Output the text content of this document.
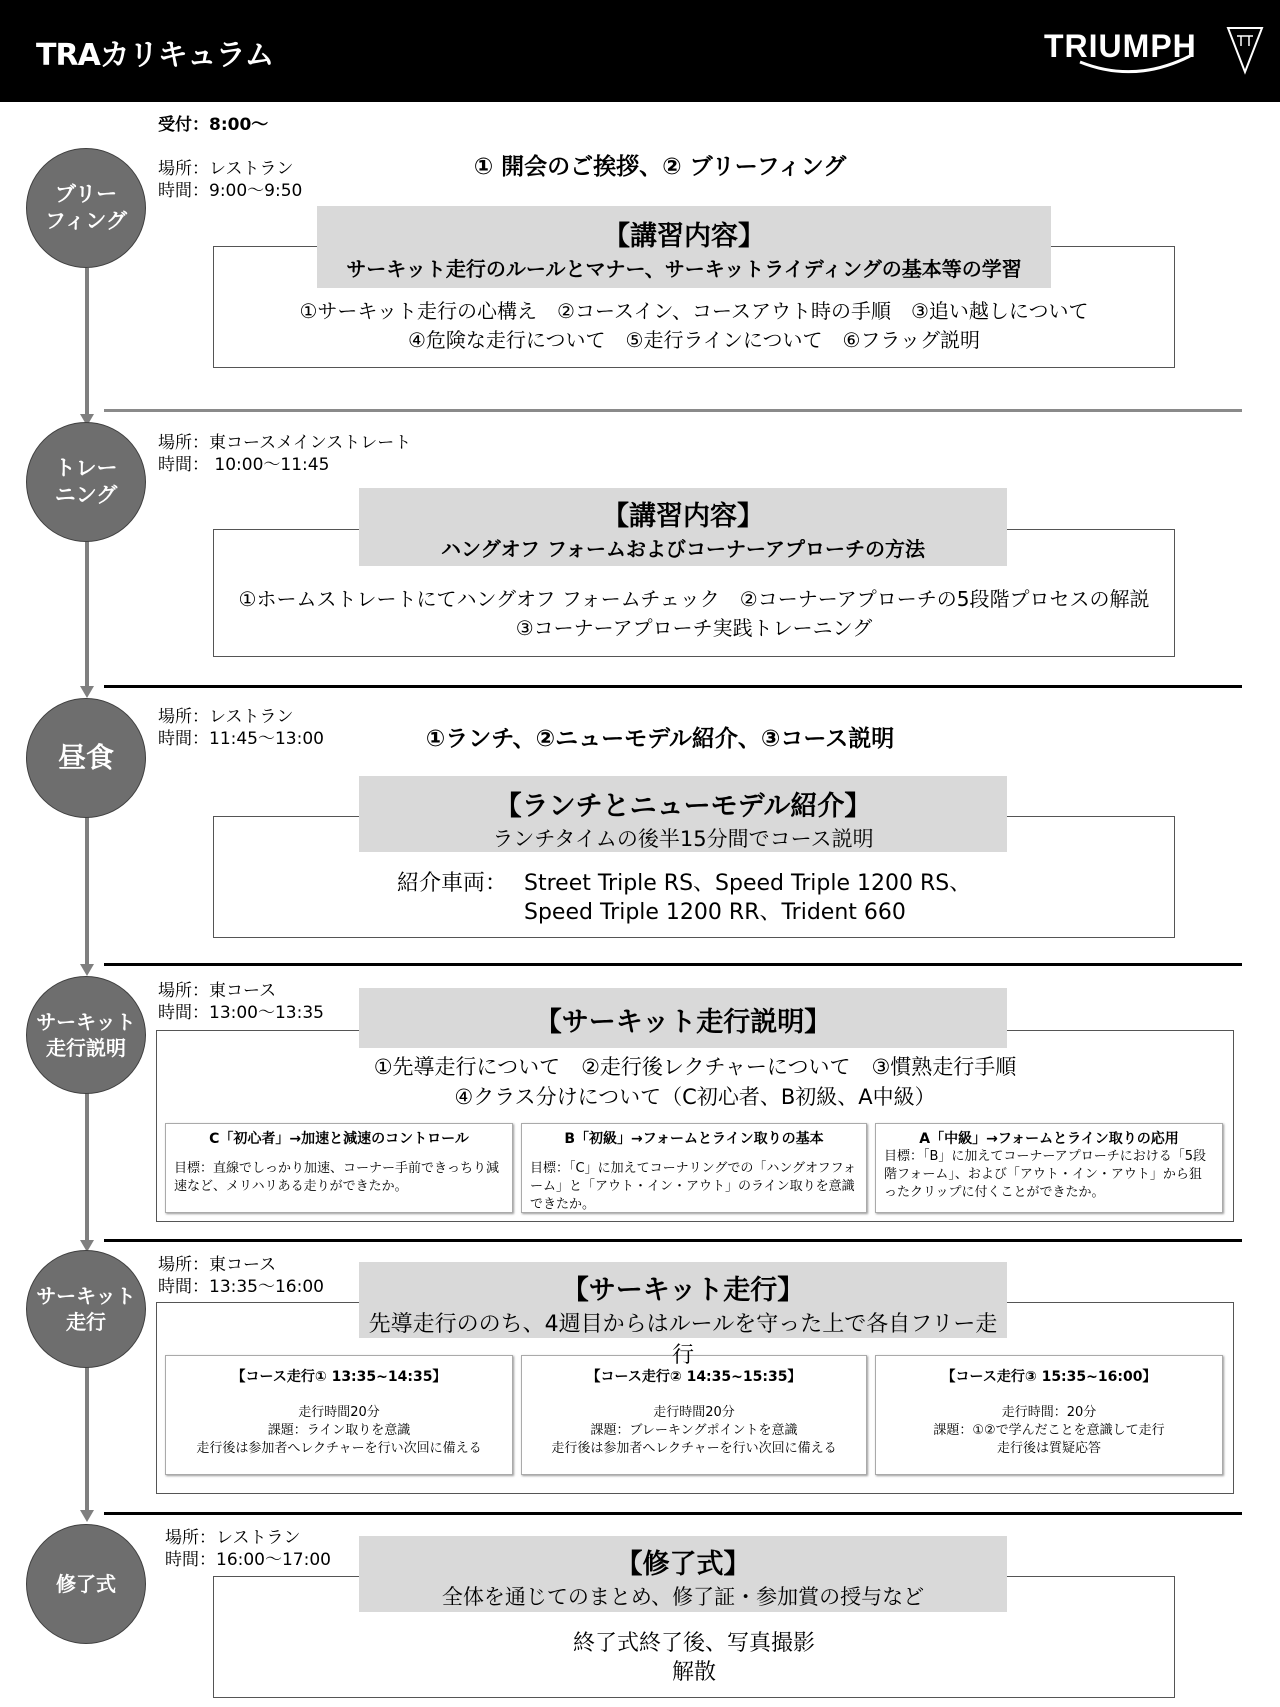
TRAカリキュラム	TRIUMPH
受付：8:00～
ブリー
フィング
場所：レストラン
時間：9:00～9:50
① 開会のご挨拶、② ブリーフィング
①サーキット走行の心構え　②コースイン、コースアウト時の手順　③追い越しについて
④危険な走行について　⑤走行ラインについて　⑥フラッグ説明
【講習内容】
サーキット走行のルールとマナー、サーキットライディングの基本等の学習
トレー
ニング
場所：東コースメインストレート
時間： 10:00～11:45
①ホームストレートにてハングオフ フォームチェック　②コーナーアプローチの5段階プロセスの解説
③コーナーアプローチ実践トレーニング
【講習内容】
ハングオフ フォームおよびコーナーアプローチの方法
昼食
場所：レストラン
時間：11:45～13:00	①ランチ、②ニューモデル紹介、③コース説明
紹介車両： Street Triple RS、Speed Triple 1200 RS、
Speed Triple 1200 RR、Trident 660
【ランチとニューモデル紹介】
ランチタイムの後半15分間でコース説明
サーキット
走行説明
場所：東コース
時間：13:00～13:35
①先導走行について　②走行後レクチャーについて　③慣熟走行手順
④クラス分けについて（C初心者、B初級、A中級）
C「初心者」→加速と減速のコントロール
目標：直線でしっかり加速、コーナー手前できっちり減速など、メリハリある走りができたか。
B「初級」→フォームとライン取りの基本
目標：「C」に加えてコーナリングでの「ハングオフフォーム」と「アウト・イン・アウト」のライン取りを意識できたか。
A「中級」→フォームとライン取りの応用
目標：「B」に加えてコーナーアプローチにおける「5段階フォーム」、および「アウト・イン・アウト」から狙ったクリップに付くことができたか。
【サーキット走行説明】
サーキット
走行
場所：東コース
時間：13:35～16:00
【コース走行① 13:35~14:35】
走行時間20分
課題：ライン取りを意識
走行後は参加者へレクチャーを行い次回に備える
【コース走行② 14:35~15:35】
走行時間20分
課題：ブレーキングポイントを意識
走行後は参加者へレクチャーを行い次回に備える
【コース走行③ 15:35~16:00】
走行時間：20分
課題：①②で学んだことを意識して走行
走行後は質疑応答
【サーキット走行】
先導走行ののち、4週目からはルールを守った上で各自フリー走行
修了式
場所：レストラン
時間：16:00～17:00
終了式終了後、写真撮影
解散
【修了式】
全体を通じてのまとめ、修了証・参加賞の授与など
